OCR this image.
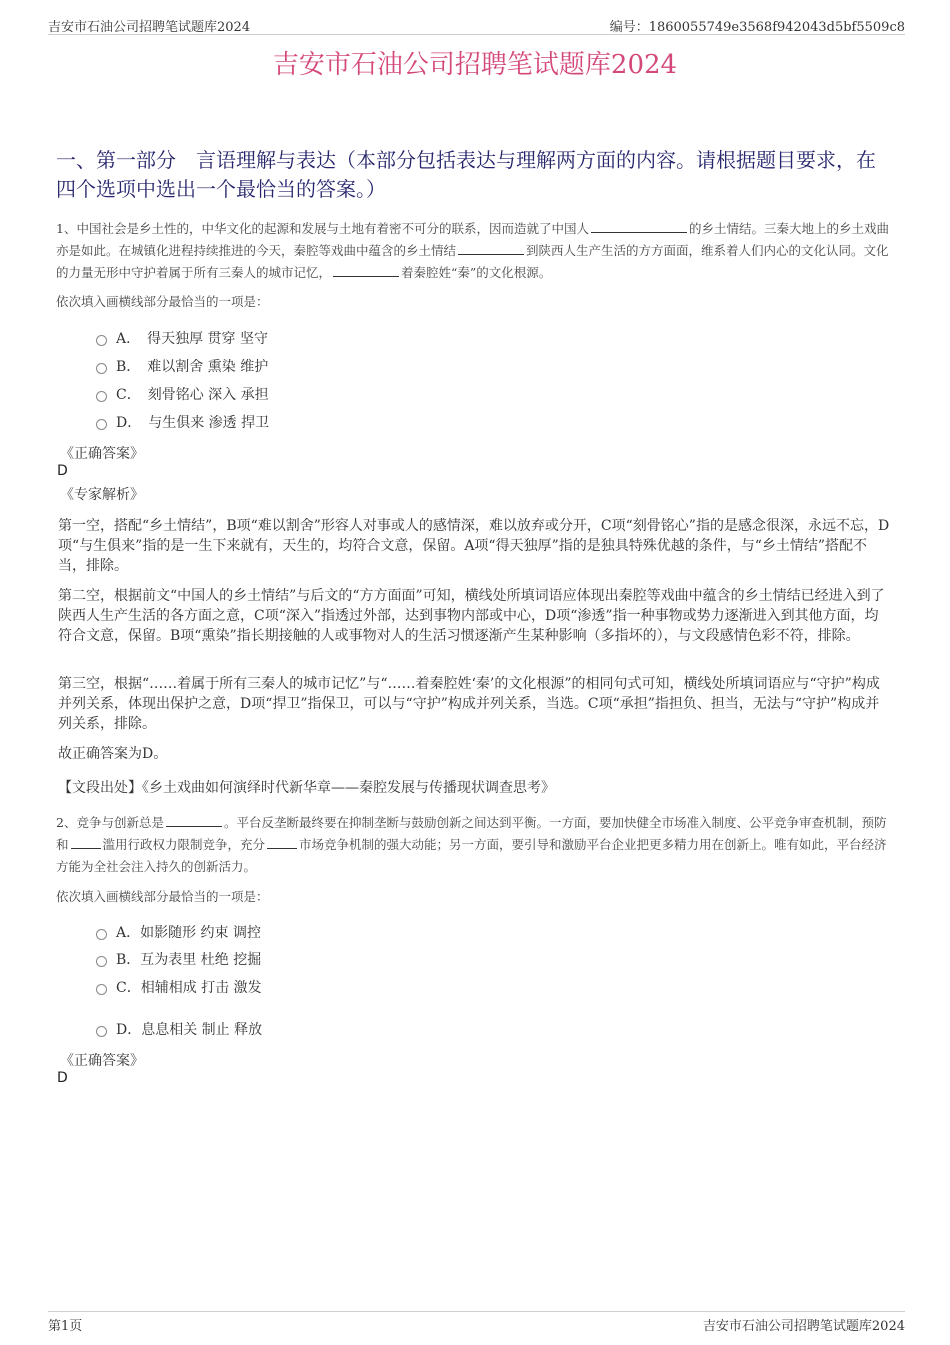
吉安市石油公司招聘笔试题库2024	编号：1860055749e3568f942043d5bf5509c8
吉安市石油公司招聘笔试题库2024
一、第一部分　言语理解与表达（本部分包括表达与理解两方面的内容。请根据题目要求，在四个选项中选出一个最恰当的答案。）
1、中国社会是乡土性的，中华文化的起源和发展与土地有着密不可分的联系，因而造就了中国人	的乡土情结。三秦大地上的乡土戏曲亦是如此。在城镇化进程持续推进的今天，秦腔等戏曲中蕴含的乡土情结	到陕西人生产生活的方方面面，维系着人们内心的文化认同。文化的力量无形中守护着属于所有三秦人的城市记忆，	着秦腔姓“秦”的文化根源。
依次填入画横线部分最恰当的一项是：
A．　得天独厚 贯穿 坚守
B．　难以割舍 熏染 维护
C．　刻骨铭心 深入 承担
D．　与生俱来 渗透 捍卫
《正确答案》
D
《专家解析》
第一空，搭配“乡土情结”，B项“难以割舍”形容人对事或人的感情深，难以放弃或分开，C项“刻骨铭心”指的是感念很深，永远不忘，D项“与生俱来”指的是一生下来就有，天生的，均符合文意，保留。A项“得天独厚”指的是独具特殊优越的条件，与“乡土情结”搭配不当，排除。
第二空，根据前文“中国人的乡土情结”与后文的“方方面面”可知，横线处所填词语应体现出秦腔等戏曲中蕴含的乡土情结已经进入到了陕西人生产生活的各方面之意，C项“深入”指透过外部，达到事物内部或中心，D项“渗透”指一种事物或势力逐渐进入到其他方面，均符合文意，保留。B项“熏染”指长期接触的人或事物对人的生活习惯逐渐产生某种影响（多指坏的），与文段感情色彩不符，排除。
第三空，根据“……着属于所有三秦人的城市记忆”与“……着秦腔姓‘秦’的文化根源”的相同句式可知，横线处所填词语应与“守护”构成并列关系，体现出保护之意，D项“捍卫”指保卫，可以与“守护”构成并列关系，当选。C项“承担”指担负、担当，无法与“守护”构成并列关系，排除。
故正确答案为D。
【文段出处】《乡土戏曲如何演绎时代新华章——秦腔发展与传播现状调查思考》
2、竞争与创新总是	。平台反垄断最终要在抑制垄断与鼓励创新之间达到平衡。一方面，要加快健全市场准入制度、公平竞争审查机制，预防和	滥用行政权力限制竞争，充分	市场竞争机制的强大动能；另一方面，要引导和激励平台企业把更多精力用在创新上。唯有如此，平台经济方能为全社会注入持久的创新活力。
依次填入画横线部分最恰当的一项是：
A．如影随形 约束 调控
B．互为表里 杜绝 挖掘
C．相辅相成 打击 激发
D．息息相关 制止 释放
《正确答案》
D
第1页	吉安市石油公司招聘笔试题库2024
